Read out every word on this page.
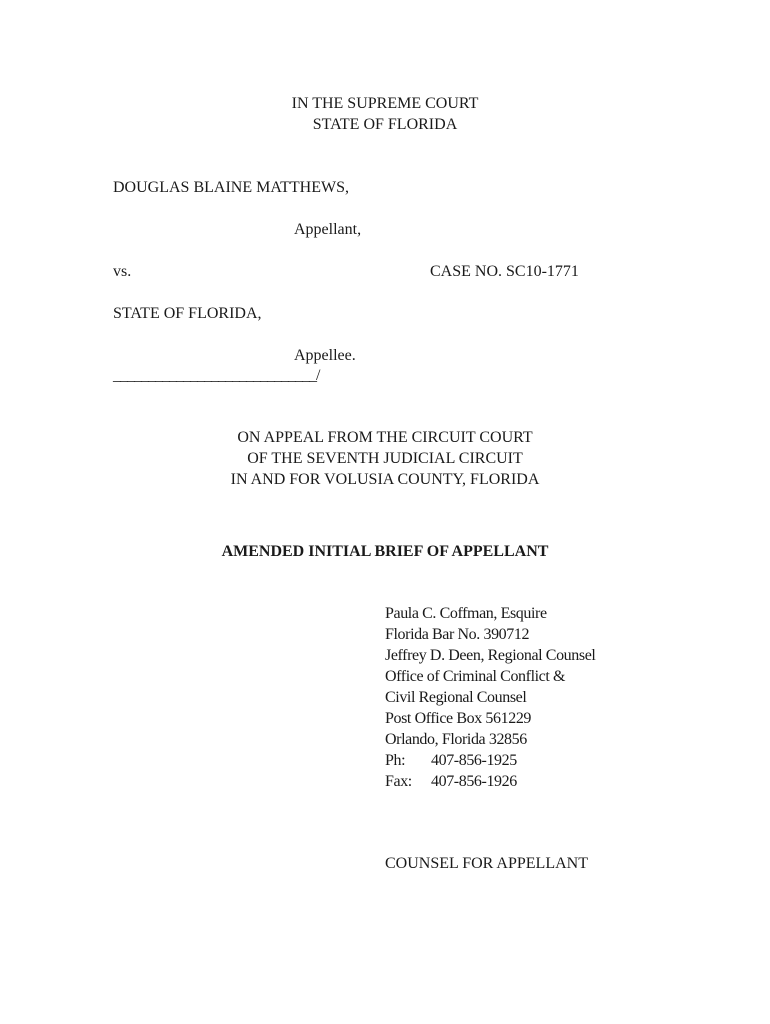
IN THE SUPREME COURT
STATE OF FLORIDA
DOUGLAS BLAINE MATTHEWS,
Appellant,
vs.	CASE NO. SC10-1771
STATE OF FLORIDA,
Appellee.
_____________________________/
ON APPEAL FROM THE CIRCUIT COURT
OF THE SEVENTH JUDICIAL CIRCUIT
IN AND FOR VOLUSIA COUNTY, FLORIDA
AMENDED INITIAL BRIEF OF APPELLANT
Paula C. Coffman, Esquire
Florida Bar No. 390712
Jeffrey D. Deen, Regional Counsel
Office of Criminal Conflict &
Civil Regional Counsel
Post Office Box 561229
Orlando, Florida 32856
Ph: 407-856-1925
Fax: 407-856-1926
COUNSEL FOR APPELLANT
